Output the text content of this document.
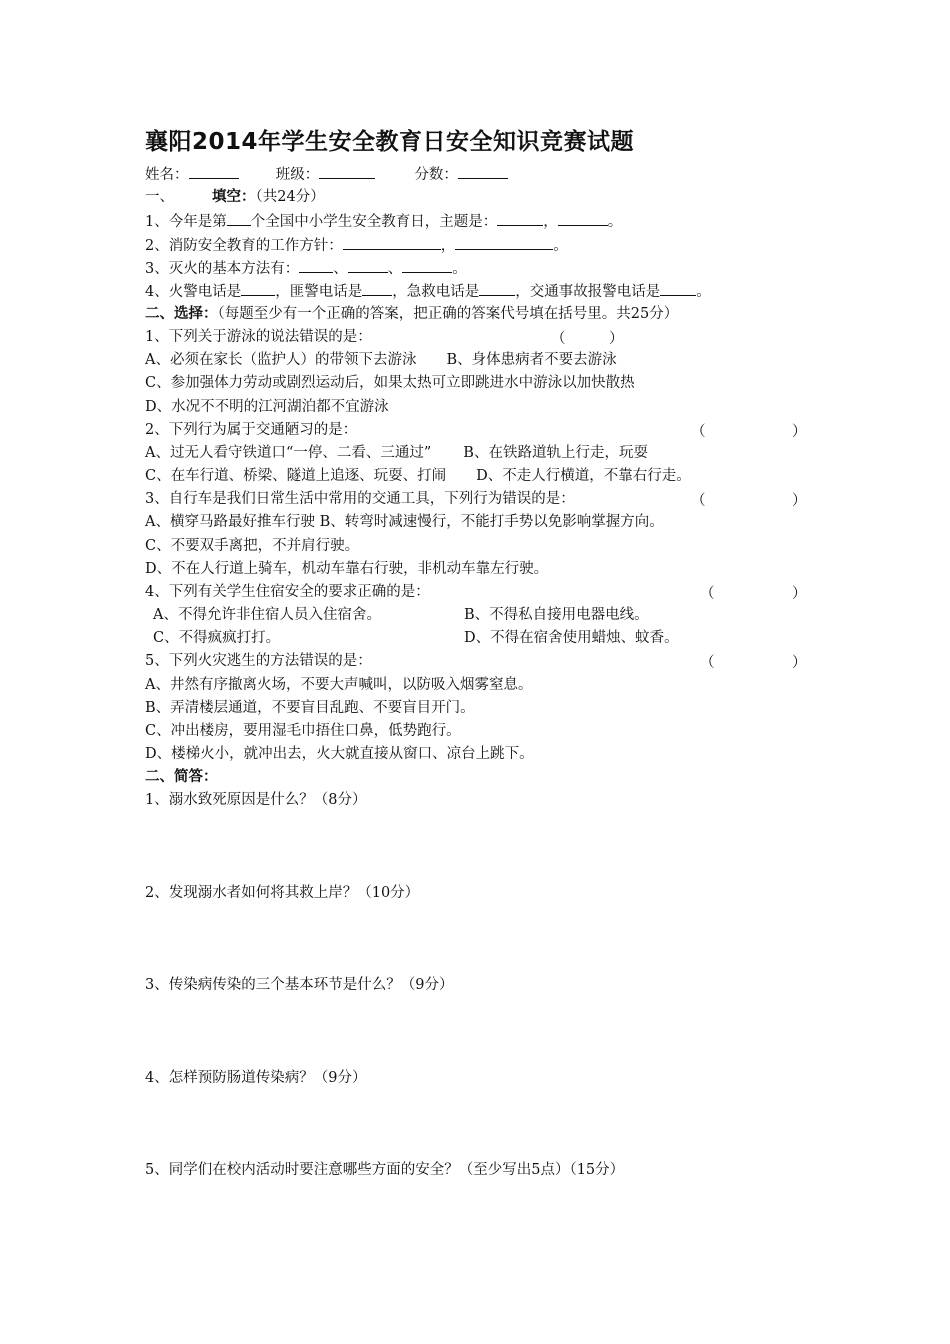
襄阳2014年学生安全教育日安全知识竞赛试题
姓名：	班级：	分数：
一、	填空：（共24分）
1、今年是第 个全国中小学生安全教育日，主题是：	，	。
2、消防安全教育的工作方针：	，	。
3、灭火的基本方法有： 、	、	。
4、火警电话是 ，匪警电话是 ，急救电话是 ，交通事故报警电话是 。
二、选择：（每题至少有一个正确的答案，把正确的答案代号填在括号里。共25分）
1、下列关于游泳的说法错误的是：	（	）
A、必须在家长（监护人）的带领下去游泳 B、身体患病者不要去游泳
C、参加强体力劳动或剧烈运动后，如果太热可立即跳进水中游泳以加快散热
D、水况不不明的江河湖泊都不宜游泳
2、下列行为属于交通陋习的是：	（	）
A、过无人看守铁道口“一停、二看、三通过” B、在铁路道轨上行走，玩耍
C、在车行道、桥梁、隧道上追逐、玩耍、打闹 D、不走人行横道，不靠右行走。
3、自行车是我们日常生活中常用的交通工具，下列行为错误的是：	（	）
A、横穿马路最好推车行驶 B、转弯时减速慢行，不能打手势以免影响掌握方向。
C、不要双手离把，不并肩行驶。
D、不在人行道上骑车，机动车靠右行驶，非机动车靠左行驶。
4、下列有关学生住宿安全的要求正确的是：	（	）
A、不得允许非住宿人员入住宿舍。	B、不得私自接用电器电线。
C、不得疯疯打打。	D、不得在宿舍使用蜡烛、蚊香。
5、下列火灾逃生的方法错误的是：	（	）
A、井然有序撤离火场，不要大声喊叫，以防吸入烟雾窒息。
B、弄清楼层通道，不要盲目乱跑、不要盲目开门。
C、冲出楼房，要用湿毛巾捂住口鼻，低势跑行。
D、楼梯火小，就冲出去，火大就直接从窗口、凉台上跳下。
二、简答：
1、溺水致死原因是什么？（8分）
2、发现溺水者如何将其救上岸？（10分）
3、传染病传染的三个基本环节是什么？（9分）
4、怎样预防肠道传染病？（9分）
5、同学们在校内活动时要注意哪些方面的安全？（至少写出5点）（15分）
